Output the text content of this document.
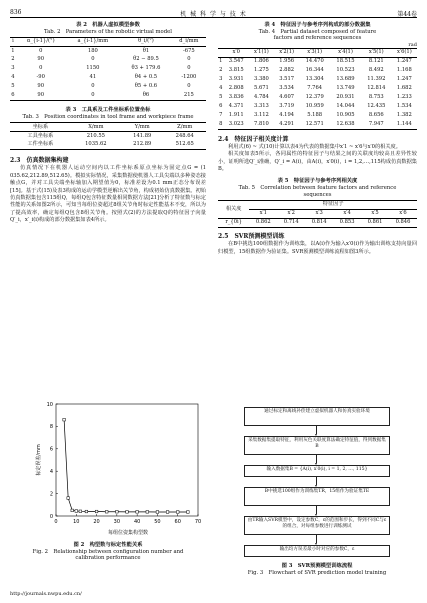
836	机 械 科 学 与 技 术	第44卷
表 2　机器人虚拟模型参数
Tab. 2　Parameters of the robotic virtual model
i	α_{i-1}/(°)	a_{i-1}/mm	θ_i/(°)	d_i/mm
1	0	180	θ1	-675
2	90	0	θ2 − 89.5	0
3	0	1150	θ3 + 179.6	0
4	-90	41	θ4 + 0.5	-1200
5	90	0	θ5 + 0.6	0
6	90	0	θ6	215
表 3　工具系及工件坐标系位置坐标
Tab. 3　Position coordinates in tool frame and workpiece frame
坐标系	X/mm	Y/mm	Z/mm
工具坐标系	210.55	141.89	248.64
工件坐标系	1035.62	212.89	512.65
2.3　仿真数据集构建
仿真情况下在机器人运动空间内以工件坐标系原点坐标为固定点G = (1 035.62,212.89,512.65)。模拟实际情况，采集数据使机器人工具尖端以多种姿态接触点G，并对工具尖端坐标轴加入期望值为0，标准差设为0.1 mm正态分布误差[15]。基于式(15)及表3构成的运动学模型逆解出关节角，构成初始仿真数据集。初始仿真数据集包含115组Q，每组Q包含特征数量相同数据方法[21]分析了特征数与标定性能的关系如图2所示，可知当每组位姿超过8组关节角时标定性能基本不变，所以为了提高效率，确定每组Q包含8组关节角。按照式(2)的方法提取Q的特征因子向量Q′_i，x′_i(i)构成的部分数据集如表4所示。
0	10	20	30	40	50	60	70
0
2
4
6
8
10
标定误差/mm
每组位姿集构型数
图 2　构型数与标定性能关系
Fig. 2　Relationship between configuration number and
calibration performance
表 4　特征因子与参考序列构成的部分数据集
Tab. 4　Partial dataset composed of feature
factors and reference sequences
rad
	x′0	x′1(1)	x′2(1)	x′3(1)	x′4(1)	x′5(1)	x′6(1)
1	3.547	1.806	1.956	14.470	18.515	8.121	1.247
2	3.815	1.275	2.882	16.344	10.523	8.492	1.168
3	3.931	3.380	3.517	13.304	13.689	11.392	1.247
4	2.808	5.671	3.534	7.764	13.749	12.814	1.682
5	3.836	4.784	4.607	12.379	20.931	8.753	1.233
6	4.371	3.313	3.719	10.959	14.044	12.435	1.534
7	1.911	3.112	4.194	5.188	10.905	8.656	1.382
8	3.023	7.810	4.291	12.571	12.638	7.947	1.144
2.4　特征因子相关度计算
利用式(6) ~ 式(10)计算以表4为代表的数据集中x′1 ~ x′6与x′0的相关度。
相关度如表5所示，各同属性的特征因子与结果之间的关联度均较高且差异性较小，证明所选Q′_i准确，Q′_i = A(i)，由A(i)，x′0(i)，i = 1,2,…,115构成仿真数据集B。
表 5　特征因子与参考序列相关度
Tab. 5　Correlation between feature factors and reference
sequences
相关度	特征因子					
	x′1	x′2	x′3	x′4	x′5	x′6
r_{0i}	0.862	0.714	0.814	0.853	0.861	0.846
2.5　SVR预测模型训练
在B中挑选100组数据作为训练集，以A(i)作为输入x′0(i)作为输出训练支持向量回归模型，15组数据作为验证集。SVR预测模型训练流程如图3所示。
通过标定和离线补偿建立虚拟机器人和仿真实验环境
采集数据集提取特征，利用灰色关联度算法确定特征值，得到数据集B
输入数据集B = {A(i), x′0(i), i = 1, 2, …, 115}
B中挑选100组作为训练集TR，15组作为验证集TE
由TR输入SVR模型中，设定参数C，ε的范围和步长，得到不同C与ε的组合，对每组参数进行训练测试
输出均方误差最小时对应的参数C，ε
图 3　SVR预测模型训练流程
Fig. 3　Flowchart of SVR prediction model training
http://journals.nwpu.edu.cn/
